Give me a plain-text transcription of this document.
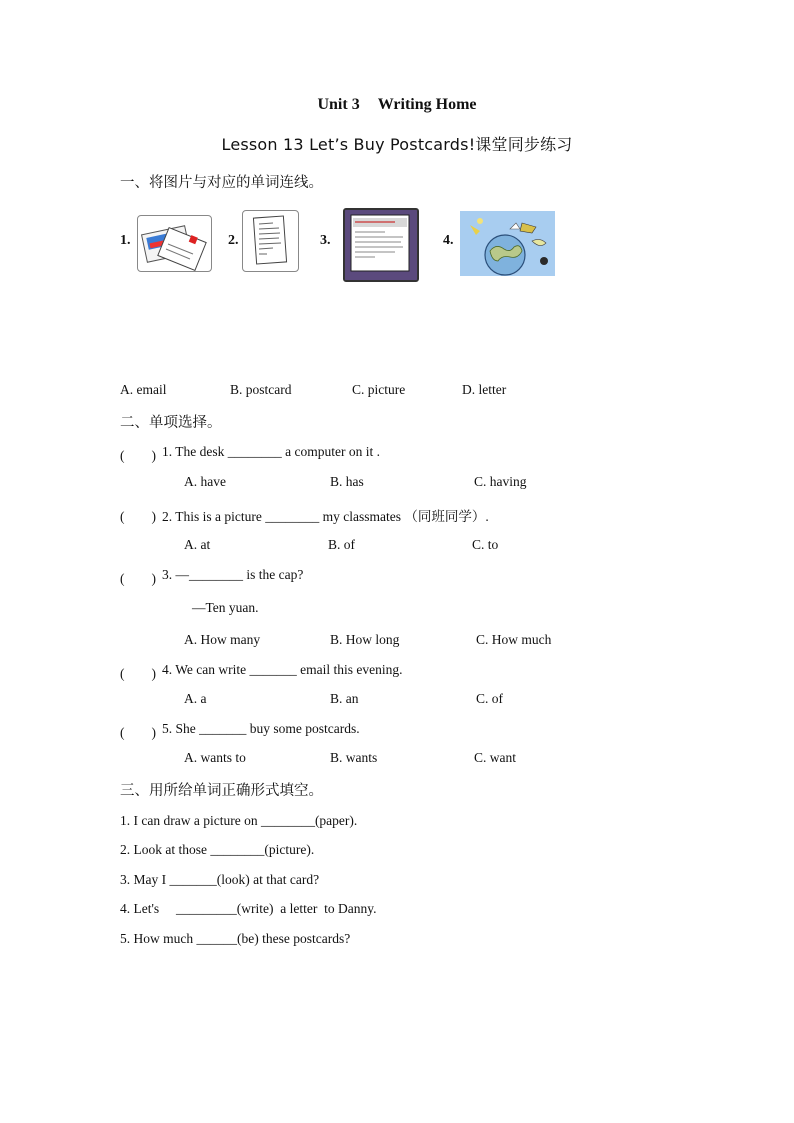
Unit 3 Writing Home
Lesson 13 Let’s Buy Postcards!课堂同步练习
一、将图片与对应的单词连线。
1.	2.	3.	4.
A. email	B. postcard	C. picture	D. letter
二、单项选择。
(　　) 1. The desk ________ a computer on it .
A. have	B. has	C. having
(　　) 2. This is a picture ________ my classmates （同班同学）.
A. at	B. of	C. to
(　　) 3. —________ is the cap?
—Ten yuan.
A. How many	B. How long	C. How much
(　　) 4. We can write _______ email this evening.
A. a	B. an	C. of
(　　) 5. She _______ buy some postcards.
A. wants to	B. wants	C. want
三、用所给单词正确形式填空。
1. I can draw a picture on ________(paper).
2. Look at those ________(picture).
3. May I _______(look) at that card?
4. Let's     _________(write)  a letter  to Danny.
5. How much ______(be) these postcards?
